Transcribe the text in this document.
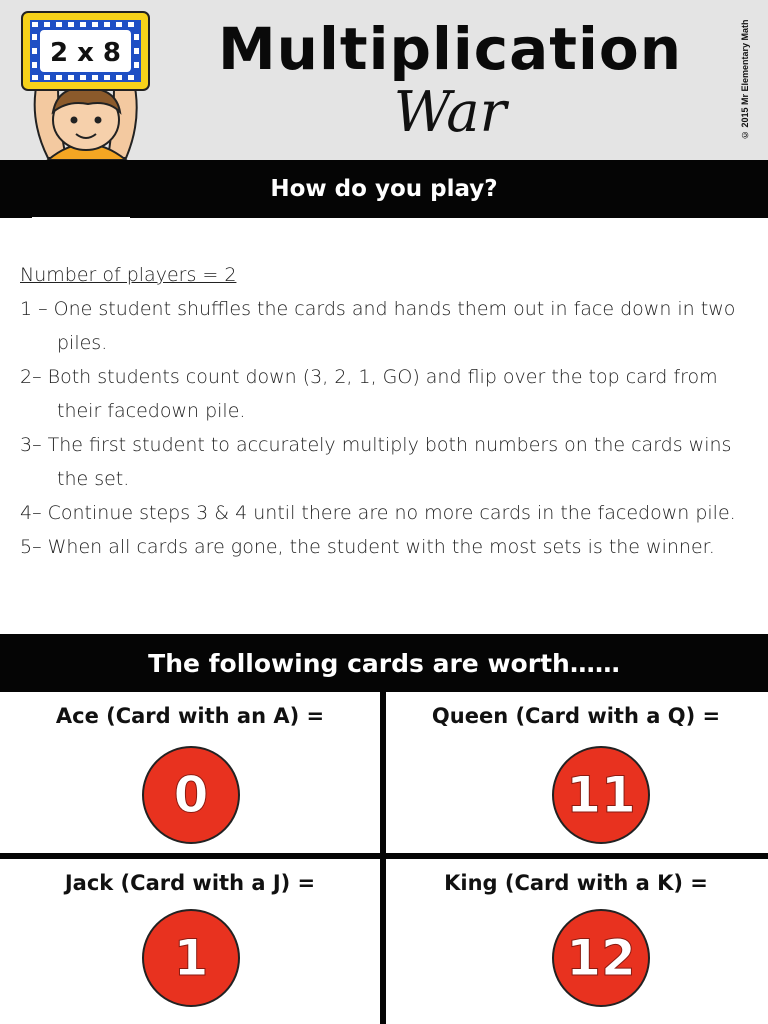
2 x 8	Multiplication
War	© 2015 Mr Elementary Math
How do you play?
Number of players = 2
1 – One student shuffles the cards and hands them out in face down in two piles.
2– Both students count down (3, 2, 1, GO) and flip over the top card from their facedown pile.
3– The first student to accurately multiply both numbers on the cards wins the set.
4– Continue steps 3 & 4 until there are no more cards in the facedown pile.
5– When all cards are gone, the student with the most sets is the winner.
The following cards are worth……
Ace (Card with an A) =
0
Queen (Card with a Q) =
11
Jack (Card with a J) =
1
King (Card with a K) =
12
